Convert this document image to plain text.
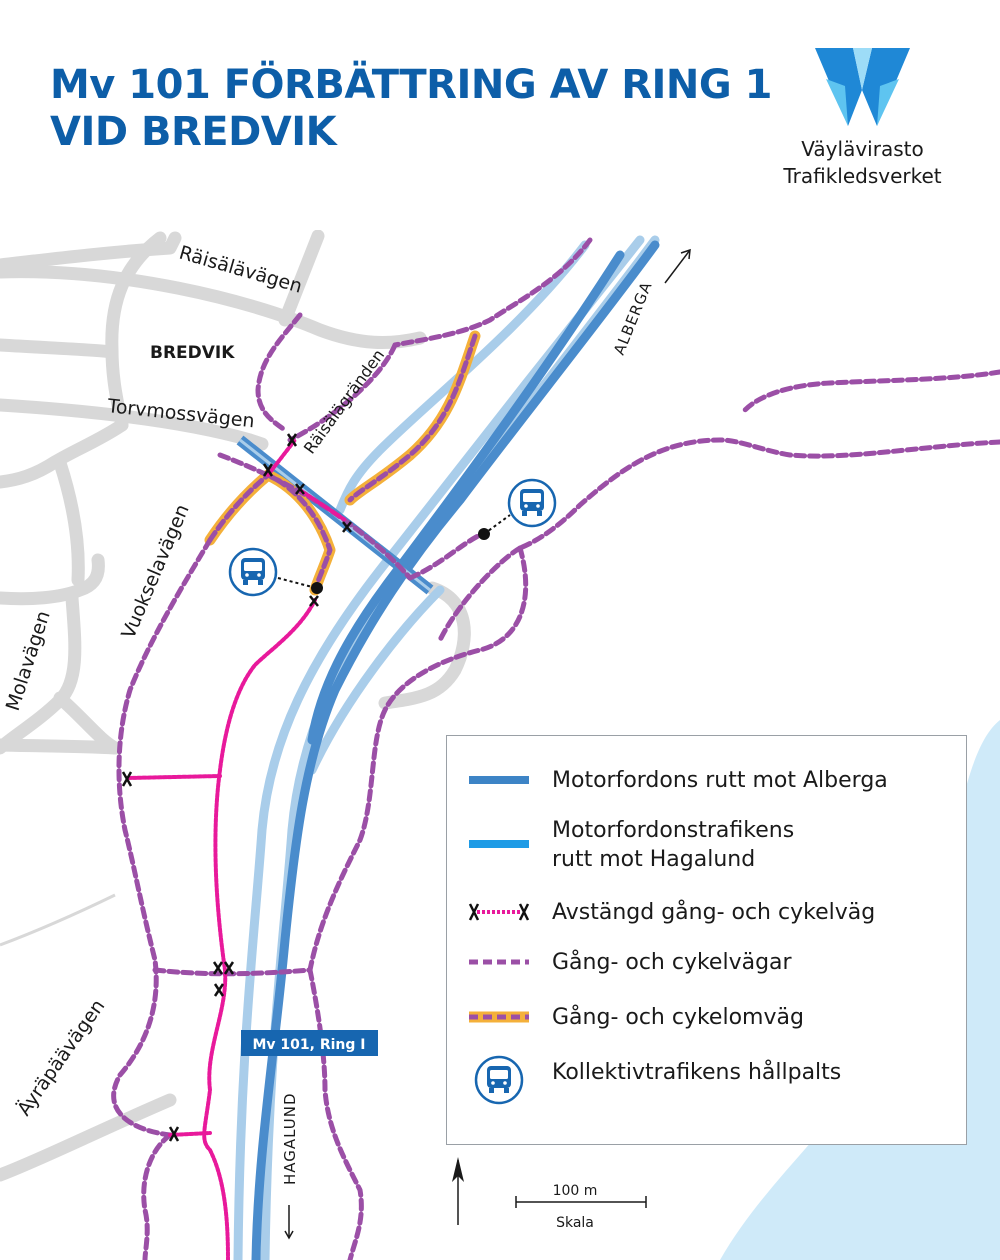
Mv 101 FÖRBÄTTRING AV RING 1
VID BREDVIK	Väylävirasto
Trafikledsverket
Räisälävägen
BREDVIK
Torvmossvägen	Räisälägränden
Vuokselavägen
Molavägen
Äyräpäävägen
ALBERGA
HAGALUND
Mv 101, Ring I
100 m
Skala
Motorfordons rutt mot Alberga
Motorfordonstrafikens
rutt mot Hagalund
Avstängd gång- och cykelväg
Gång- och cykelvägar
Gång- och cykelomväg
Kollektivtrafikens hållpalts
